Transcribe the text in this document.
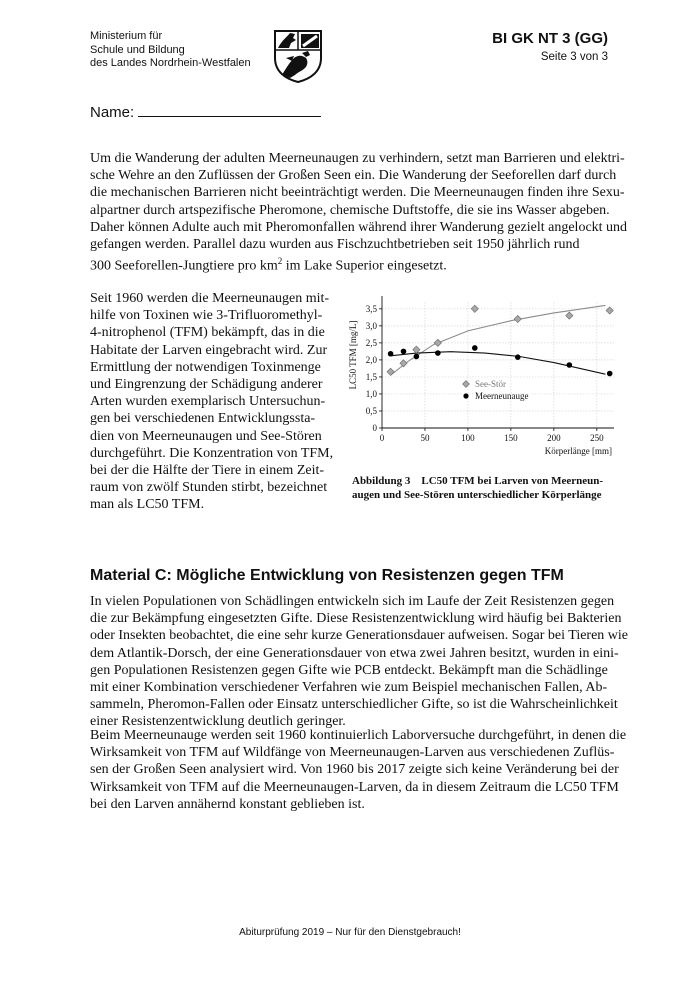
Ministerium für
Schule und Bildung
des Landes Nordrhein-Westfalen
BI GK NT 3 (GG)
Seite 3 von 3
Name:
Um die Wanderung der adulten Meerneunaugen zu verhindern, setzt man Barrieren und elektri-
sche Wehre an den Zuflüssen der Großen Seen ein. Die Wanderung der Seeforellen darf durch
die mechanischen Barrieren nicht beeinträchtigt werden. Die Meerneunaugen finden ihre Sexu-
alpartner durch artspezifische Pheromone, chemische Duftstoffe, die sie ins Wasser abgeben.
Daher können Adulte auch mit Pheromonfallen während ihrer Wanderung gezielt angelockt und
gefangen werden. Parallel dazu wurden aus Fischzuchtbetrieben seit 1950 jährlich rund
300 Seeforellen-Jungtiere pro $km^2$ im Lake Superior eingesetzt.
Seit 1960 werden die Meerneunaugen mit-
hilfe von Toxinen wie 3-Trifluoromethyl-
4-nitrophenol (TFM) bekämpft, das in die
Habitate der Larven eingebracht wird. Zur
Ermittlung der notwendigen Toxinmenge
und Eingrenzung der Schädigung anderer
Arten wurden exemplarisch Untersuchun-
gen bei verschiedenen Entwicklungssta-
dien von Meerneunaugen und See-Stören
durchgeführt. Die Konzentration von TFM,
bei der die Hälfte der Tiere in einem Zeit-
raum von zwölf Stunden stirbt, bezeichnet
man als LC50 TFM.
See-Stör
Meerneunauge
0
0,5
1,0
1,5
2,0
2,5
3,0
3,5
0	50	100	150	200	250
Körperlänge [mm]
LC50 TFM [mg/L]
Abbildung 3 LC50 TFM bei Larven von Meerneun-augen und See-Stören unterschiedlicher Körperlänge
Material C: Mögliche Entwicklung von Resistenzen gegen TFM
In vielen Populationen von Schädlingen entwickeln sich im Laufe der Zeit Resistenzen gegen
die zur Bekämpfung eingesetzten Gifte. Diese Resistenzentwicklung wird häufig bei Bakterien
oder Insekten beobachtet, die eine sehr kurze Generationsdauer aufweisen. Sogar bei Tieren wie
dem Atlantik-Dorsch, der eine Generationsdauer von etwa zwei Jahren besitzt, wurden in eini-
gen Populationen Resistenzen gegen Gifte wie PCB entdeckt. Bekämpft man die Schädlinge
mit einer Kombination verschiedener Verfahren wie zum Beispiel mechanischen Fallen, Ab-
sammeln, Pheromon-Fallen oder Einsatz unterschiedlicher Gifte, so ist die Wahrscheinlichkeit
einer Resistenzentwicklung deutlich geringer.
Beim Meerneunauge werden seit 1960 kontinuierlich Laborversuche durchgeführt, in denen die
Wirksamkeit von TFM auf Wildfänge von Meerneunaugen-Larven aus verschiedenen Zuflüs-
sen der Großen Seen analysiert wird. Von 1960 bis 2017 zeigte sich keine Veränderung bei der
Wirksamkeit von TFM auf die Meerneunaugen-Larven, da in diesem Zeitraum die LC50 TFM
bei den Larven annähernd konstant geblieben ist.
Abiturprüfung 2019 – Nur für den Dienstgebrauch!
